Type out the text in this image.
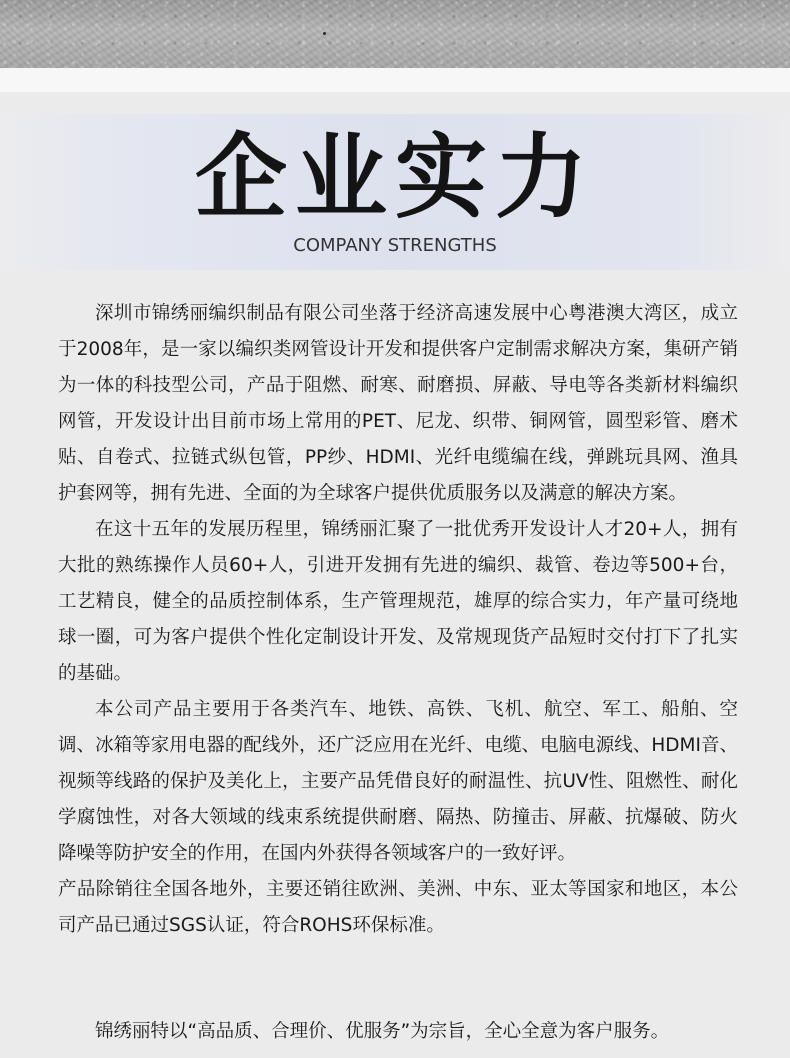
企业实力
COMPANY STRENGTHS

深圳市锦绣丽编织制品有限公司坐落于经济高速发展中心粤港澳大湾区，成立于2008年，是一家以编织类网管设计开发和提供客户定制需求解决方案，集研产销为一体的科技型公司，产品于阻燃、耐寒、耐磨损、屏蔽、导电等各类新材料编织网管，开发设计出目前市场上常用的PET、尼龙、织带、铜网管，圆型彩管、磨术贴、自卷式、拉链式纵包管，PP纱、HDMI、光纤电缆编在线，弹跳玩具网、渔具护套网等，拥有先进、全面的为全球客户提供优质服务以及满意的解决方案。

在这十五年的发展历程里，锦绣丽汇聚了一批优秀开发设计人才20+人，拥有大批的熟练操作人员60+人，引进开发拥有先进的编织、裁管、卷边等500+台，工艺精良，健全的品质控制体系，生产管理规范，雄厚的综合实力，年产量可绕地球一圈，可为客户提供个性化定制设计开发、及常规现货产品短时交付打下了扎实的基础。

本公司产品主要用于各类汽车、地铁、高铁、飞机、航空、军工、船舶、空调、冰箱等家用电器的配线外，还广泛应用在光纤、电缆、电脑电源线、HDMI音、视频等线路的保护及美化上，主要产品凭借良好的耐温性、抗UV性、阻燃性、耐化学腐蚀性，对各大领域的线束系统提供耐磨、隔热、防撞击、屏蔽、抗爆破、防火降噪等防护安全的作用，在国内外获得各领域客户的一致好评。

产品除销往全国各地外，主要还销往欧洲、美洲、中东、亚太等国家和地区，本公司产品已通过SGS认证，符合ROHS环保标准。

锦绣丽特以“高品质、合理价、优服务”为宗旨，全心全意为客户服务。
